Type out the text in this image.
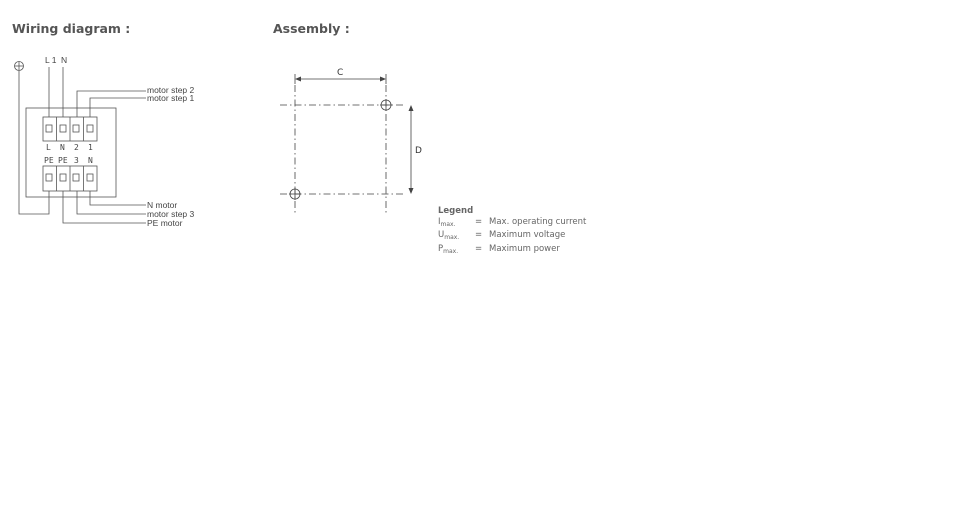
Wiring diagram :	Assembly :
L 1 N
L N 2 1
PE PE 3 N
motor step 2
motor step 1
N motor
motor step 3
PE motor
C
D
Legend
$I_{max.}$	= Max. operating current
$U_{max.}$	= Maximum voltage
$P_{max.}$	= Maximum power
